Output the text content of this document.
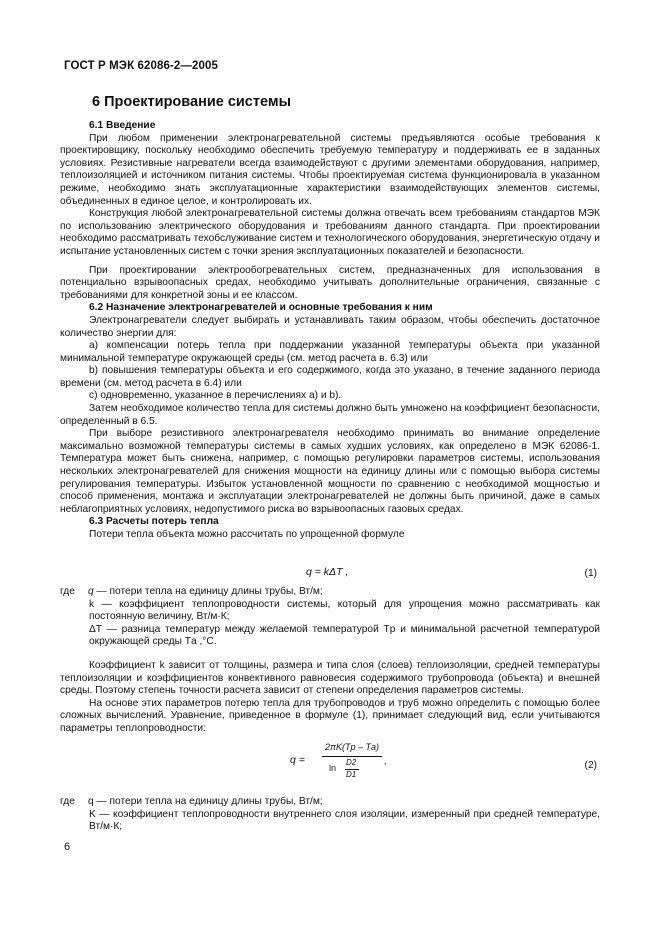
ГОСТ Р МЭК 62086-2—2005
6 Проектирование системы

6.1 Введение

При любом применении электронагревательной системы предъявляются особые требования к проектировщику, поскольку необходимо обеспечить требуемую температуру и поддерживать ее в заданных условиях. Резистивные нагреватели всегда взаимодействуют с другими элементами оборудования, например, теплоизоляцией и источником питания системы. Чтобы проектируемая система функционировала в указанном режиме, необходимо знать эксплуатационные характеристики взаимодействующих элементов системы, объединенных в единое целое, и контролировать их.

Конструкция любой электронагревательной системы должна отвечать всем требованиям стандартов МЭК по использованию электрического оборудования и требованиям данного стандарта. При проектировании необходимо рассматривать техобслуживание систем и технологического оборудования, энергетическую отдачу и испытание установленных систем с точки зрения эксплуатационных показателей и безопасности.

При проектировании электрообогревательных систем, предназначенных для использования в потенциально взрывоопасных средах, необходимо учитывать дополнительные ограничения, связанные с требованиями для конкретной зоны и ее классом.

6.2 Назначение электронагревателей и основные требования к ним

Электронагреватели следует выбирать и устанавливать таким образом, чтобы обеспечить достаточное количество энергии для:

а) компенсации потерь тепла при поддержании указанной температуры объекта при указанной минимальной температуре окружающей среды (см. метод расчета в. 6.3) или

b) повышения температуры объекта и его содержимого, когда это указано, в течение заданного периода времени (см. метод расчета в 6.4) или

с) одновременно, указанное в перечислениях а) и b).

Затем необходимое количество тепла для системы должно быть умножено на коэффициент безопасности, определенный в 6.5.

При выборе резистивного электронагревателя необходимо принимать во внимание определение максимально возможной температуры системы в самых худших условиях, как определено в МЭК 62086-1. Температура может быть снижена, например, с помощью регулировки параметров системы, использования нескольких электронагревателей для снижения мощности на единицу длины или с помощью выбора системы регулирования температуры. Избыток установленной мощности по сравнению с необходимой мощностью и способ применения, монтажа и эксплуатации электронагревателей не должны быть причиной, даже в самых неблагоприятных условиях, недопустимого риска во взрывоопасных газовых средах.

6.3 Расчеты потерь тепла

Потери тепла объекта можно рассчитать по упрощенной формуле

q = kΔT ,	(1)
где	q — потери тепла на единицу длины трубы, Вт/м;
k — коэффициент теплопроводности системы, который для упрощения можно рассматривать как постоянную величину, Вт/м·К;
ΔT — разница температур между желаемой температурой Tр и минимальной расчетной температурой окружающей среды Tа ,°С.

Коэффициент k зависит от толщины, размера и типа слоя (слоев) теплоизоляции, средней температуры теплоизоляции и коэффициентов конвективного равновесия содержимого трубопровода (объекта) и внешней среды. Поэтому степень точности расчета зависит от степени определения параметров системы.

На основе этих параметров потерю тепла для трубопроводов и труб можно определить с помощью более сложных вычислений. Уравнение, приведенное в формуле (1), принимает следующий вид, если учитываются параметры теплопроводности:

q =
2πK(Tр – Tа)
ln
D2
D1
,	(2)
где	q — потери тепла на единицу длины трубы, Вт/м;
K — коэффициент теплопроводности внутреннего слоя изоляции, измеренный при средней температуре, Вт/м·К;
6
